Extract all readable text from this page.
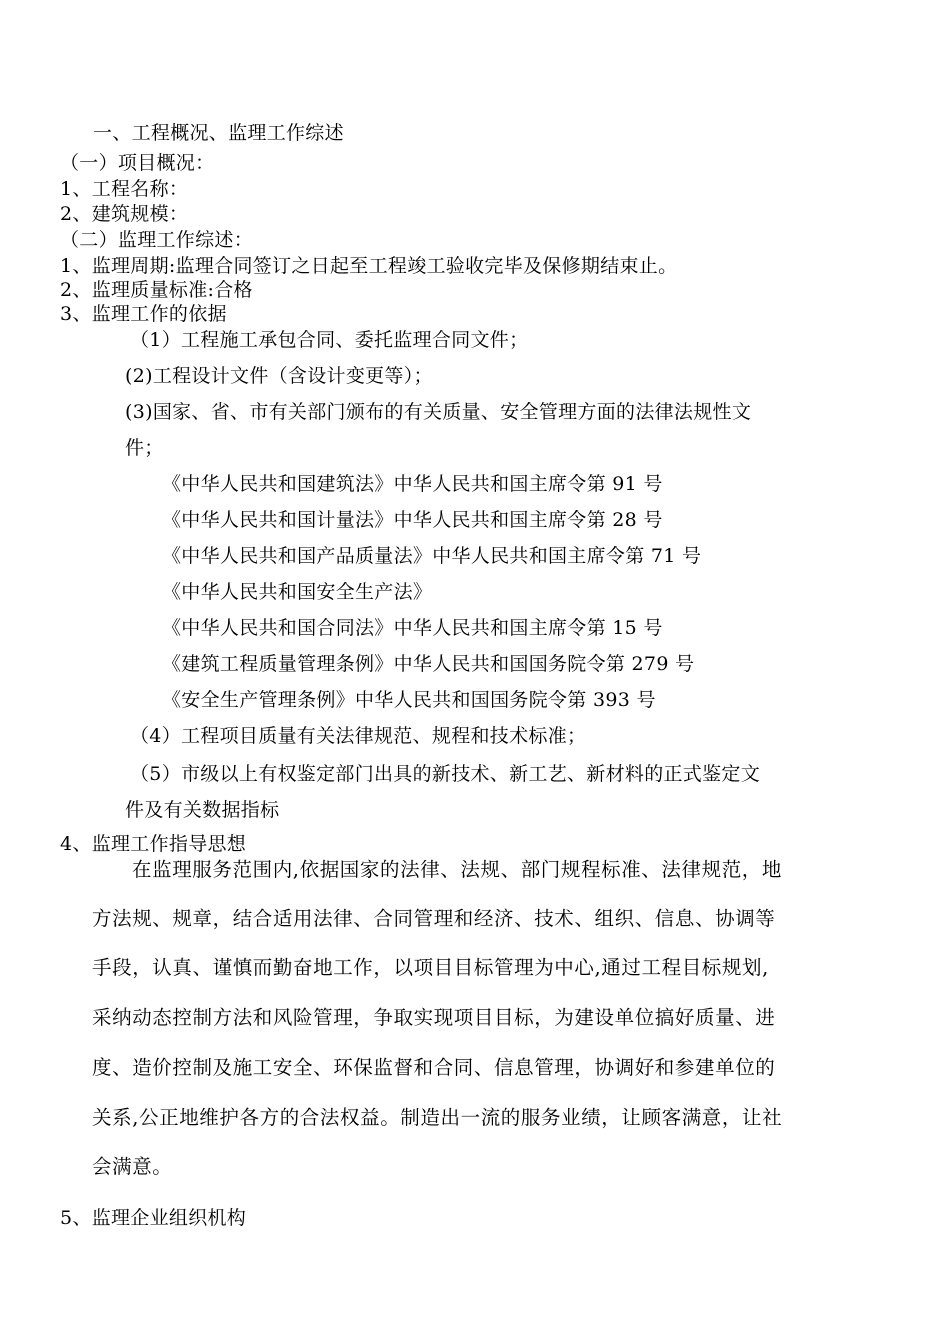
一、工程概况、监理工作综述

（一）项目概况：

1、工程名称：

2、建筑规模：

（二）监理工作综述：

1、监理周期:监理合同签订之日起至工程竣工验收完毕及保修期结束止。

2、监理质量标准:合格

3、监理工作的依据

（1）工程施工承包合同、委托监理合同文件；

(2)工程设计文件（含设计变更等）；

(3)国家、省、市有关部门颁布的有关质量、安全管理方面的法律法规性文

件；

《中华人民共和国建筑法》中华人民共和国主席令第 91 号

《中华人民共和国计量法》中华人民共和国主席令第 28 号

《中华人民共和国产品质量法》中华人民共和国主席令第 71 号

《中华人民共和国安全生产法》

《中华人民共和国合同法》中华人民共和国主席令第 15 号

《建筑工程质量管理条例》中华人民共和国国务院令第 279 号

《安全生产管理条例》中华人民共和国国务院令第 393 号

（4）工程项目质量有关法律规范、规程和技术标准；

（5）市级以上有权鉴定部门出具的新技术、新工艺、新材料的正式鉴定文

件及有关数据指标

4、监理工作指导思想

在监理服务范围内,依据国家的法律、法规、部门规程标准、法律规范，地

方法规、规章，结合适用法律、合同管理和经济、技术、组织、信息、协调等

手段，认真、谨慎而勤奋地工作，以项目目标管理为中心,通过工程目标规划,

采纳动态控制方法和风险管理，争取实现项目目标，为建设单位搞好质量、进

度、造价控制及施工安全、环保监督和合同、信息管理，协调好和参建单位的

关系,公正地维护各方的合法权益。制造出一流的服务业绩，让顾客满意，让社

会满意。

5、监理企业组织机构
